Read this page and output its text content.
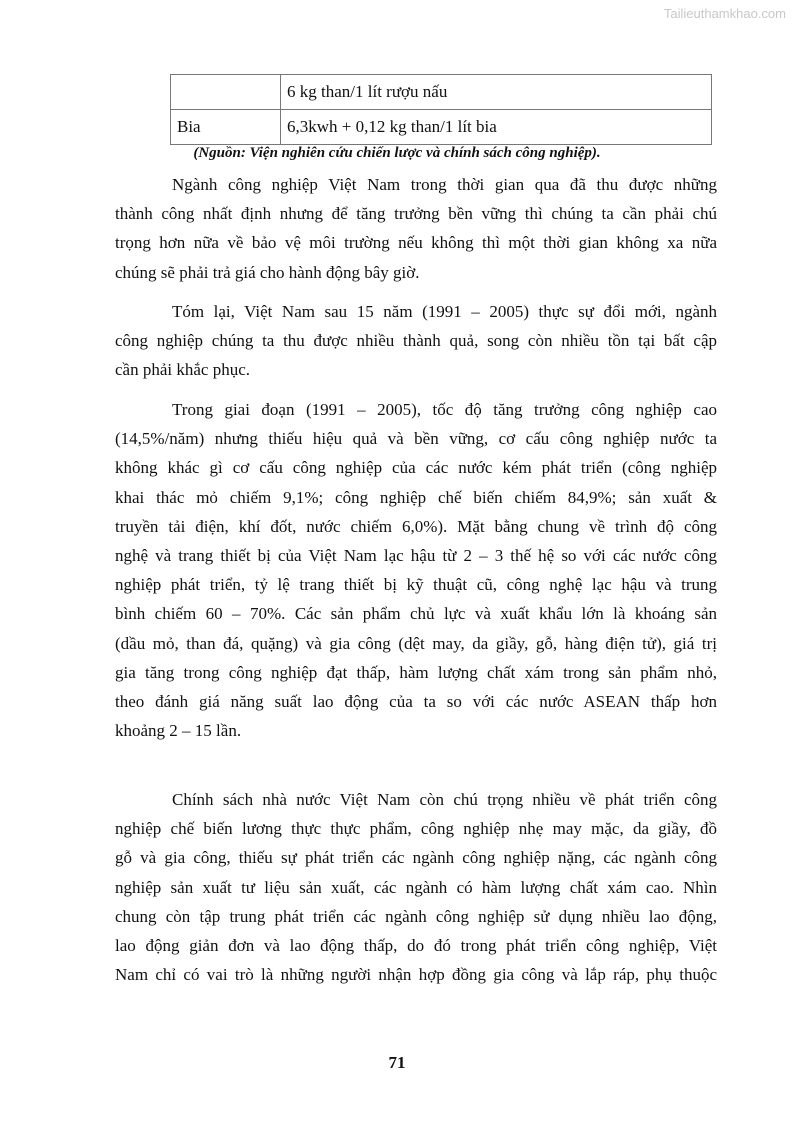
Tailieuthamkhao.com
	6 kg than/1 lít rượu nấu
Bia	6,3kwh + 0,12 kg than/1 lít bia
(Nguồn: Viện nghiên cứu chiến lược và chính sách công nghiệp).
Ngành công nghiệp Việt Nam trong thời gian qua đã thu được những
thành công nhất định nhưng để tăng trưởng bền vững thì chúng ta cần phải chú
trọng hơn nữa về bảo vệ môi trường nếu không thì một thời gian không xa nữa
chúng sẽ phải trả giá cho hành động bây giờ.
Tóm lại, Việt Nam sau 15 năm (1991 – 2005) thực sự đổi mới, ngành
công nghiệp chúng ta thu được nhiều thành quả, song còn nhiều tồn tại bất cập
cần phải khắc phục.
Trong giai đoạn (1991 – 2005), tốc độ tăng trưởng công nghiệp cao
(14,5%/năm) nhưng thiếu hiệu quả và bền vững, cơ cấu công nghiệp nước ta
không khác gì cơ cấu công nghiệp của các nước kém phát triển (công nghiệp
khai thác mỏ chiếm 9,1%; công nghiệp chế biến chiếm 84,9%; sản xuất &
truyền tải điện, khí đốt, nước chiếm 6,0%). Mặt bằng chung về trình độ công
nghệ và trang thiết bị của Việt Nam lạc hậu từ 2 – 3 thế hệ so với các nước công
nghiệp phát triển, tỷ lệ trang thiết bị kỹ thuật cũ, công nghệ lạc hậu và trung
bình chiếm 60 – 70%. Các sản phẩm chủ lực và xuất khẩu lớn là khoáng sản
(dầu mỏ, than đá, quặng) và gia công (dệt may, da giầy, gỗ, hàng điện tử), giá trị
gia tăng trong công nghiệp đạt thấp, hàm lượng chất xám trong sản phẩm nhỏ,
theo đánh giá năng suất lao động của ta so với các nước ASEAN thấp hơn
khoảng 2 – 15 lần.
Chính sách nhà nước Việt Nam còn chú trọng nhiều về phát triển công
nghiệp chế biến lương thực thực phẩm, công nghiệp nhẹ may mặc, da giầy, đồ
gỗ và gia công, thiếu sự phát triển các ngành công nghiệp nặng, các ngành công
nghiệp sản xuất tư liệu sản xuất, các ngành có hàm lượng chất xám cao. Nhìn
chung còn tập trung phát triển các ngành công nghiệp sử dụng nhiều lao động,
lao động giản đơn và lao động thấp, do đó trong phát triển công nghiệp, Việt
Nam chỉ có vai trò là những người nhận hợp đồng gia công và lắp ráp, phụ thuộc
71
